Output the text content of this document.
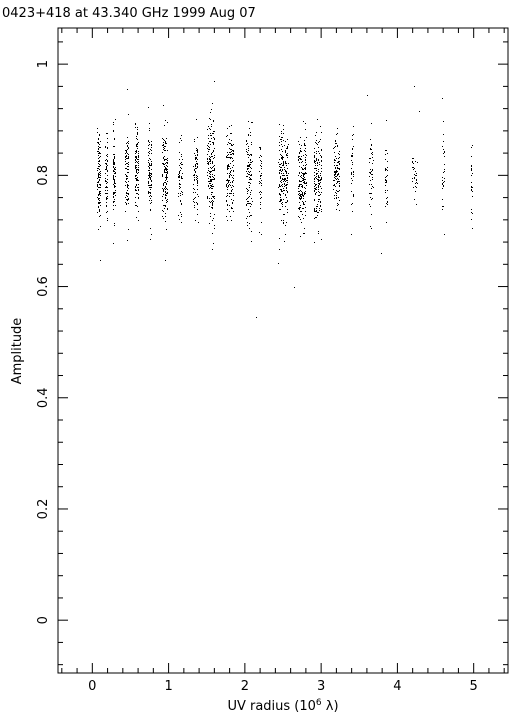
0423+418 at 43.340 GHz 1999 Aug 07
0	1	2	3	4	5
0
0.2
0.4
0.6
0.8
1
Amplitude
UV radius ($10^6$ λ)
